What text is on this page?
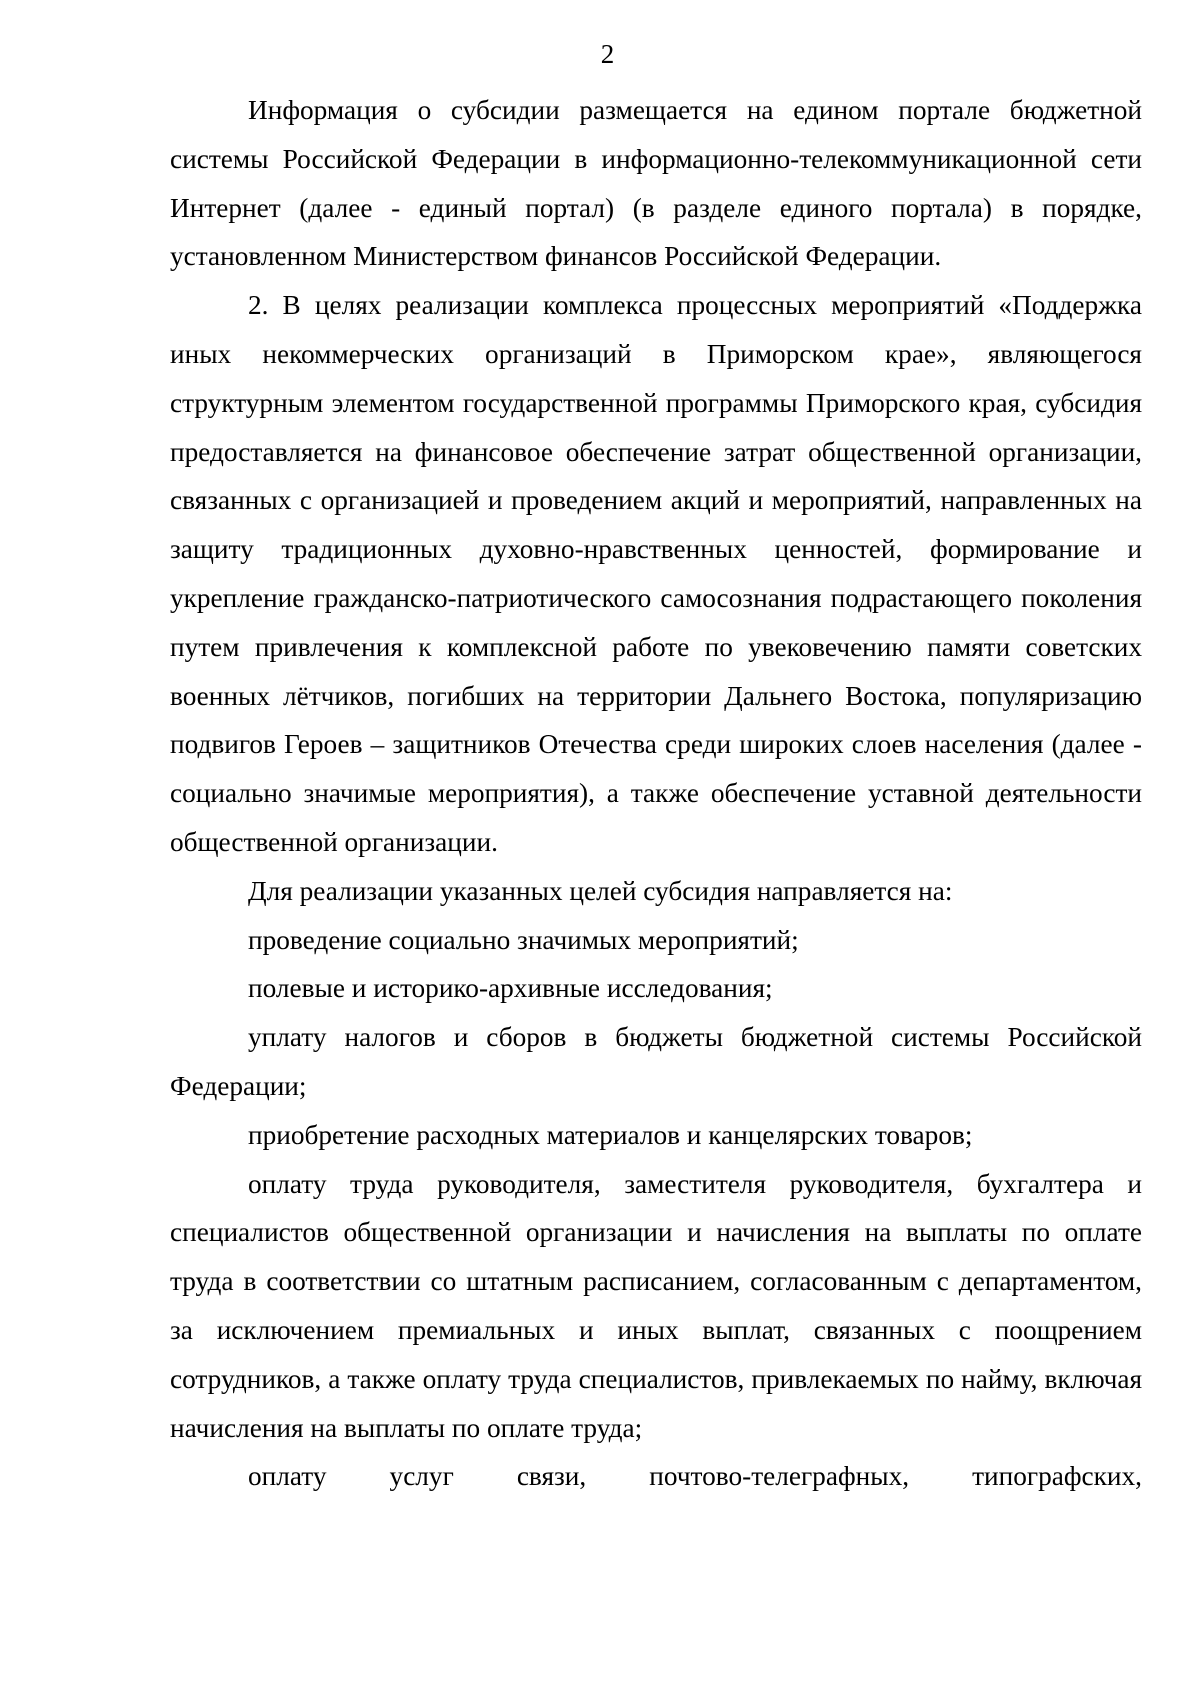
2

Информация о субсидии размещается на едином портале бюджетной системы Российской Федерации в информационно-телекоммуникационной сети Интернет (далее - единый портал) (в разделе единого портала) в порядке, установленном Министерством финансов Российской Федерации.

2. В целях реализации комплекса процессных мероприятий «Поддержка иных некоммерческих организаций в Приморском крае», являющегося структурным элементом государственной программы Приморского края, субсидия предоставляется на финансовое обеспечение затрат общественной организации, связанных с организацией и проведением акций и мероприятий, направленных на защиту традиционных духовно-нравственных ценностей, формирование и укрепление гражданско-патриотического самосознания подрастающего поколения путем привлечения к комплексной работе по увековечению памяти советских военных лётчиков, погибших на территории Дальнего Востока, популяризацию подвигов Героев – защитников Отечества среди широких слоев населения (далее - социально значимые мероприятия), а также обеспечение уставной деятельности общественной организации.

Для реализации указанных целей субсидия направляется на:

проведение социально значимых мероприятий;

полевые и историко-архивные исследования;

уплату налогов и сборов в бюджеты бюджетной системы Российской Федерации;

приобретение расходных материалов и канцелярских товаров;

оплату труда руководителя, заместителя руководителя, бухгалтера и специалистов общественной организации и начисления на выплаты по оплате труда в соответствии со штатным расписанием, согласованным с департаментом, за исключением премиальных и иных выплат, связанных с поощрением сотрудников, а также оплату труда специалистов, привлекаемых по найму, включая начисления на выплаты по оплате труда;

оплату услуг связи, почтово-телеграфных, типографских,
